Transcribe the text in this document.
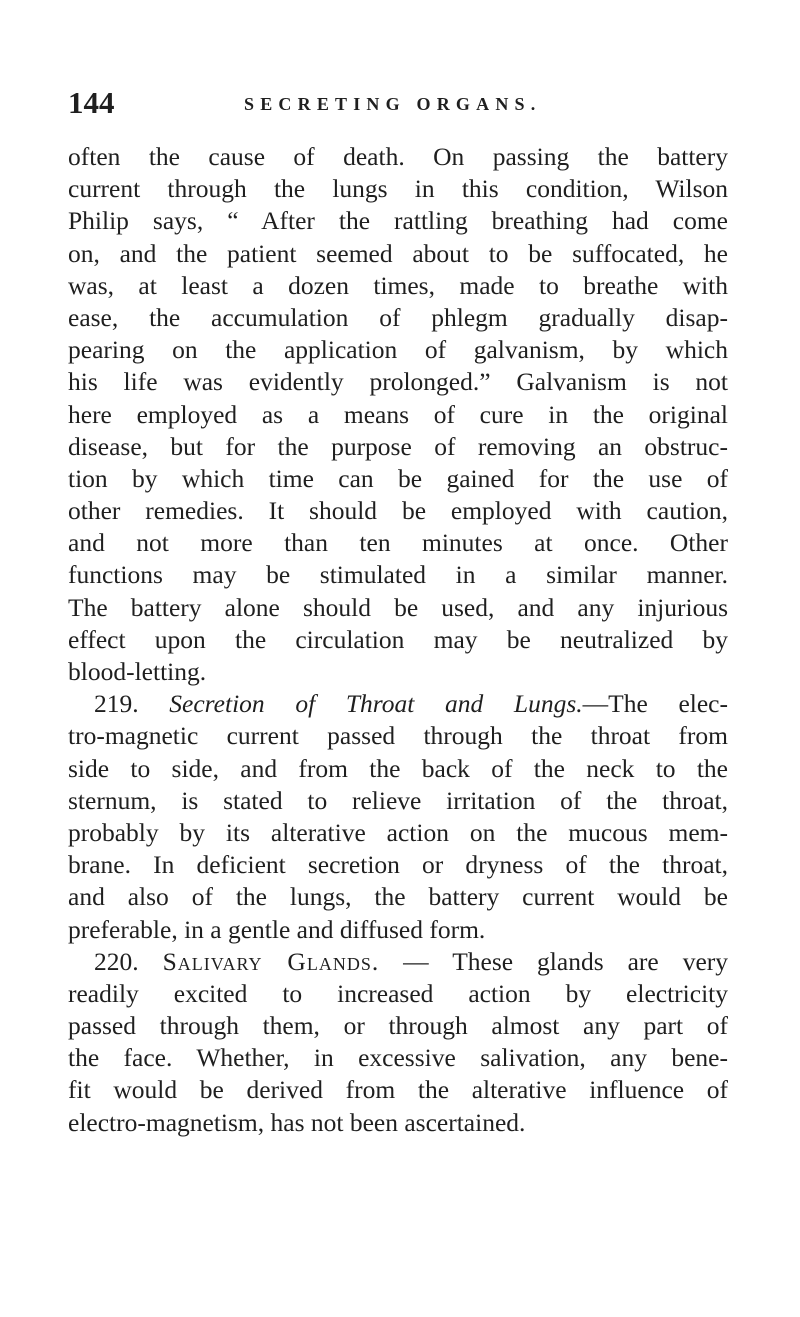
144	SECRETING ORGANS.
often the cause of death. On passing the battery
current through the lungs in this condition, Wilson
Philip says, “ After the rattling breathing had come
on, and the patient seemed about to be suffocated, he
was, at least a dozen times, made to breathe with
ease, the accumulation of phlegm gradually disap-
pearing on the application of galvanism, by which
his life was evidently prolonged.” Galvanism is not
here employed as a means of cure in the original
disease, but for the purpose of removing an obstruc-
tion by which time can be gained for the use of
other remedies. It should be employed with caution,
and not more than ten minutes at once. Other
functions may be stimulated in a similar manner.
The battery alone should be used, and any injurious
effect upon the circulation may be neutralized by
blood-letting.
219. Secretion of Throat and Lungs.—The elec-
tro-magnetic current passed through the throat from
side to side, and from the back of the neck to the
sternum, is stated to relieve irritation of the throat,
probably by its alterative action on the mucous mem-
brane. In deficient secretion or dryness of the throat,
and also of the lungs, the battery current would be
preferable, in a gentle and diffused form.
220. Salivary Glands. — These glands are very
readily excited to increased action by electricity
passed through them, or through almost any part of
the face. Whether, in excessive salivation, any bene-
fit would be derived from the alterative influence of
electro-magnetism, has not been ascertained.
